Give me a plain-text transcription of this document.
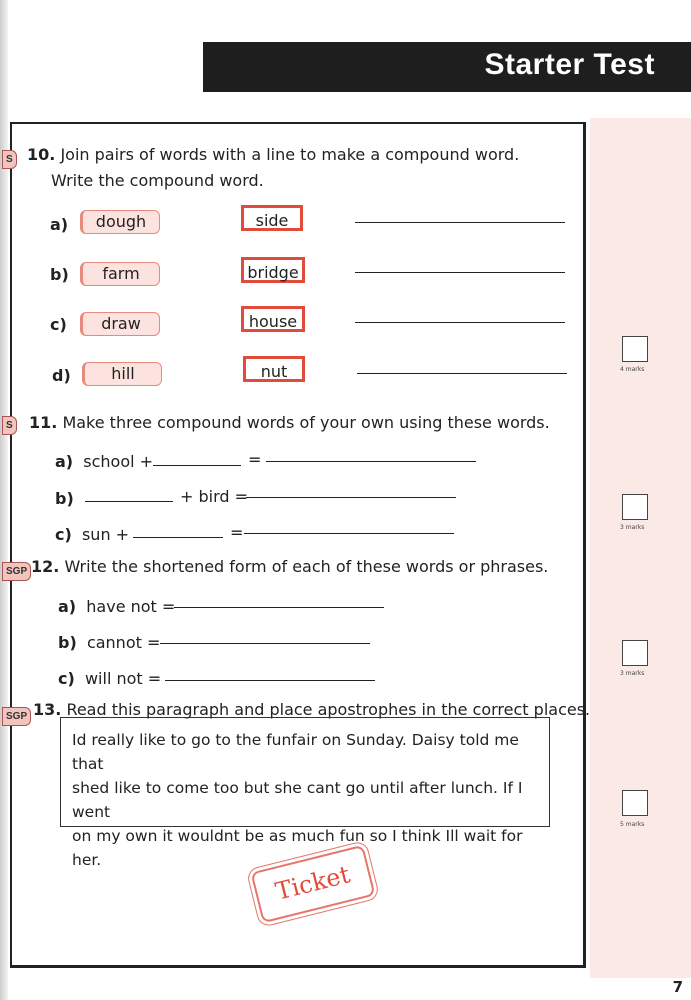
Starter Test
S 10. Join pairs of words with a line to make a compound word.
Write the compound word.
a)	dough	side
b)	farm	bridge
c)	draw	house
d)	hill	nut	4 marks
S 11. Make three compound words of your own using these words.
a) school +	=
b)	+ bird =
c) sun +	=	3 marks
SGP 12. Write the shortened form of each of these words or phrases.
a) have not =
b) cannot =
c) will not =	3 marks
SGP 13. Read this paragraph and place apostrophes in the correct places.
Id really like to go to the funfair on Sunday. Daisy told me that
shed like to come too but she cant go until after lunch. If I went
on my own it wouldnt be as much fun so I think Ill wait for her.
5 marks
Ticket
7
